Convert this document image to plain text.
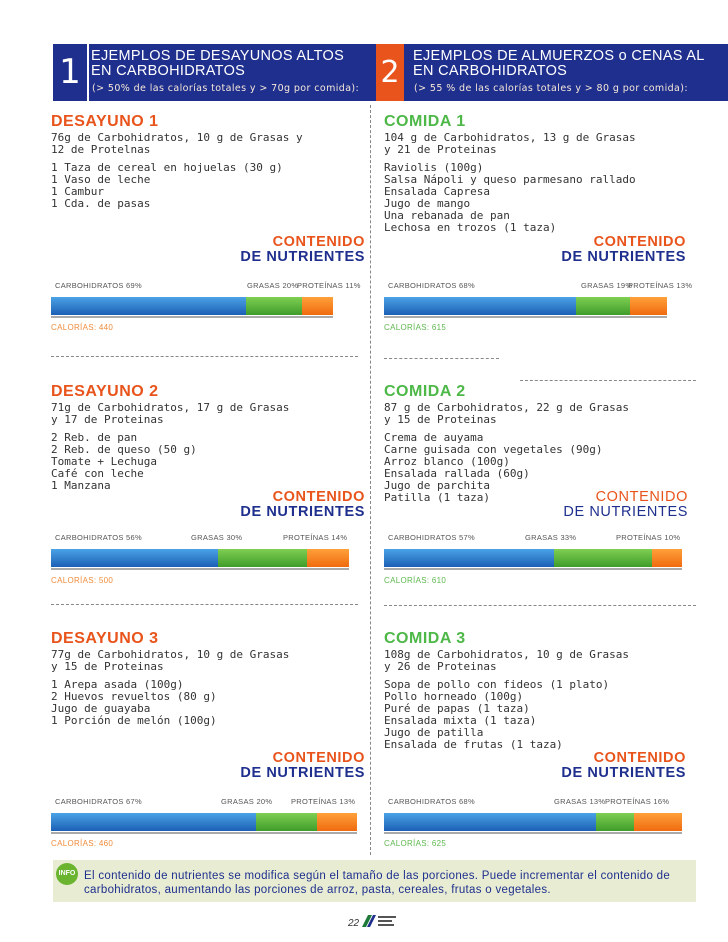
1 EJEMPLOS DE DESAYUNOS ALTOS
EN CARBOHIDRATOS
(> 50% de las calorías totales y > 70g por comida): 2 EJEMPLOS DE ALMUERZOS o CENAS AL
EN CARBOHIDRATOS
(> 55 % de las calorías totales y > 80 g por comida):
DESAYUNO 1
76g de Carbohidratos, 10 g de Grasas y
12 de Protelnas
1 Taza de cereal en hojuelas (30 g)
1 Vaso de leche
1 Cambur
1 Cda. de pasas
CONTENIDO
DE NUTRIENTES
CARBOHIDRATOS 69%	GRASAS 20%
PROTEÍNAS 11%
CALORÍAS: 440
DESAYUNO 2
71g de Carbohidratos, 17 g de Grasas
y 17 de Proteinas
2 Reb. de pan
2 Reb. de queso (50 g)
Tomate + Lechuga
Café con leche
1 Manzana
CONTENIDO
DE NUTRIENTES
CARBOHIDRATOS 56%	GRASAS 30%	PROTEÍNAS 14%
CALORÍAS: 500
DESAYUNO 3
77g de Carbohidratos, 10 g de Grasas
y 15 de Proteinas
1 Arepa asada (100g)
2 Huevos revueltos (80 g)
Jugo de guayaba
1 Porción de melón (100g)
CONTENIDO
DE NUTRIENTES
CARBOHIDRATOS 67%	GRASAS 20% PROTEÍNAS 13%
CALORÍAS: 460
COMIDA 1
104 g de Carbohidratos, 13 g de Grasas
y 21 de Proteinas
Raviolis (100g)
Salsa Nápoli y queso parmesano rallado
Ensalada Capresa
Jugo de mango
Una rebanada de pan
Lechosa en trozos (1 taza)
CONTENIDO
DE NUTRIENTES
CARBOHIDRATOS 68%	GRASAS 19%
PROTEÍNAS 13%
CALORÍAS: 615
COMIDA 2
87 g de Carbohidratos, 22 g de Grasas
y 15 de Proteinas
Crema de auyama
Carne guisada con vegetales (90g)
Arroz blanco (100g)
Ensalada rallada (60g)
Jugo de parchita
Patilla (1 taza)	CONTENIDO
DE NUTRIENTES
CARBOHIDRATOS 57%	GRASAS 33%	PROTEÍNAS 10%
CALORÍAS: 610
COMIDA 3
108g de Carbohidratos, 10 g de Grasas
y 26 de Proteinas
Sopa de pollo con fideos (1 plato)
Pollo horneado (100g)
Puré de papas (1 taza)
Ensalada mixta (1 taza)
Jugo de patilla
Ensalada de frutas (1 taza)
CONTENIDO
DE NUTRIENTES
CARBOHIDRATOS 68%	GRASAS 13% PROTEÍNAS 16%
CALORÍAS: 625
INFO El contenido de nutrientes se modifica según el tamaño de las porciones. Puede incrementar el contenido de carbohidratos, aumentando las porciones de arroz, pasta, cereales, frutas o vegetales.
22
